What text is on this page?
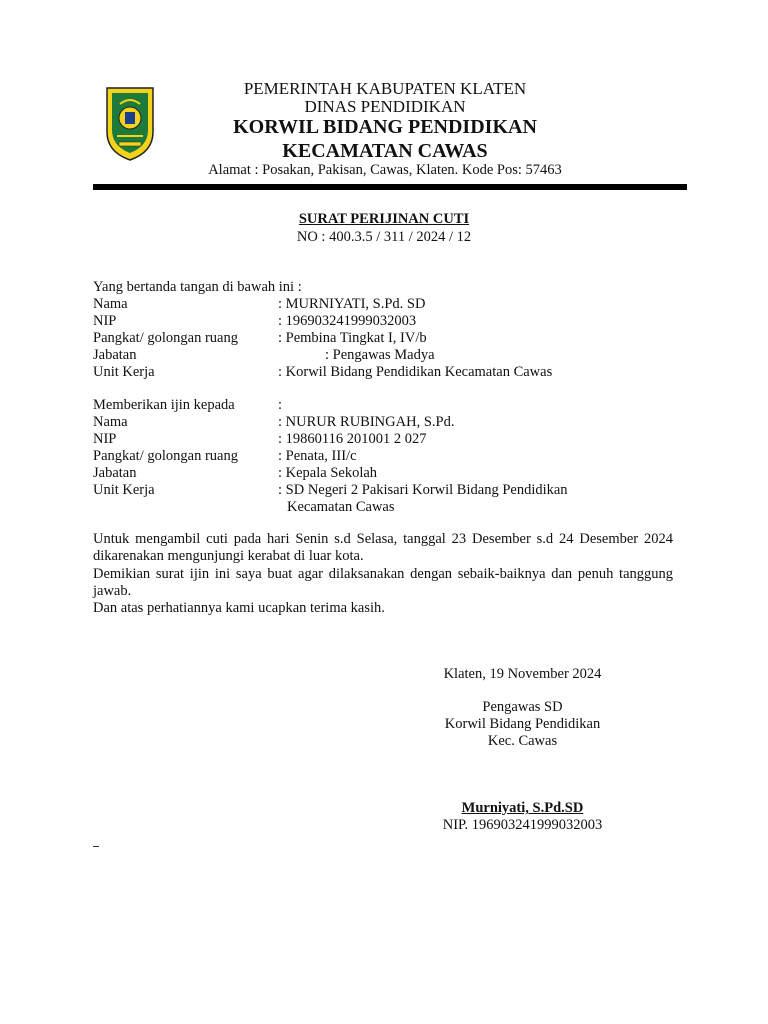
PEMERINTAH KABUPATEN KLATEN
DINAS PENDIDIKAN
KORWIL BIDANG PENDIDIKAN
KECAMATAN CAWAS
Alamat : Posakan, Pakisan, Cawas, Klaten. Kode Pos: 57463
SURAT PERIJINAN CUTI
NO : 400.3.5 / 311 / 2024 / 12
Yang bertanda tangan di bawah ini :
Nama	: MURNIYATI, S.Pd. SD
NIP	: 196903241999032003
Pangkat/ golongan ruang	: Pembina Tingkat I, IV/b
Jabatan	: Pengawas Madya
Unit Kerja	: Korwil Bidang Pendidikan Kecamatan Cawas
Memberikan ijin kepada	:
Nama	: NURUR RUBINGAH, S.Pd.
NIP	: 19860116 201001 2 027
Pangkat/ golongan ruang	: Penata, III/c
Jabatan	: Kepala Sekolah
Unit Kerja	: SD Negeri 2 Pakisari Korwil Bidang Pendidikan
Kecamatan Cawas
Untuk mengambil cuti pada hari Senin s.d Selasa, tanggal 23 Desember s.d 24 Desember 2024 dikarenakan mengunjungi kerabat di luar kota.
Demikian surat ijin ini saya buat agar dilaksanakan dengan sebaik-baiknya dan penuh tanggung jawab.
Dan atas perhatiannya kami ucapkan terima kasih.
Klaten, 19 November 2024
Pengawas SD
Korwil Bidang Pendidikan
Kec. Cawas
Murniyati, S.Pd.SD
NIP. 196903241999032003
